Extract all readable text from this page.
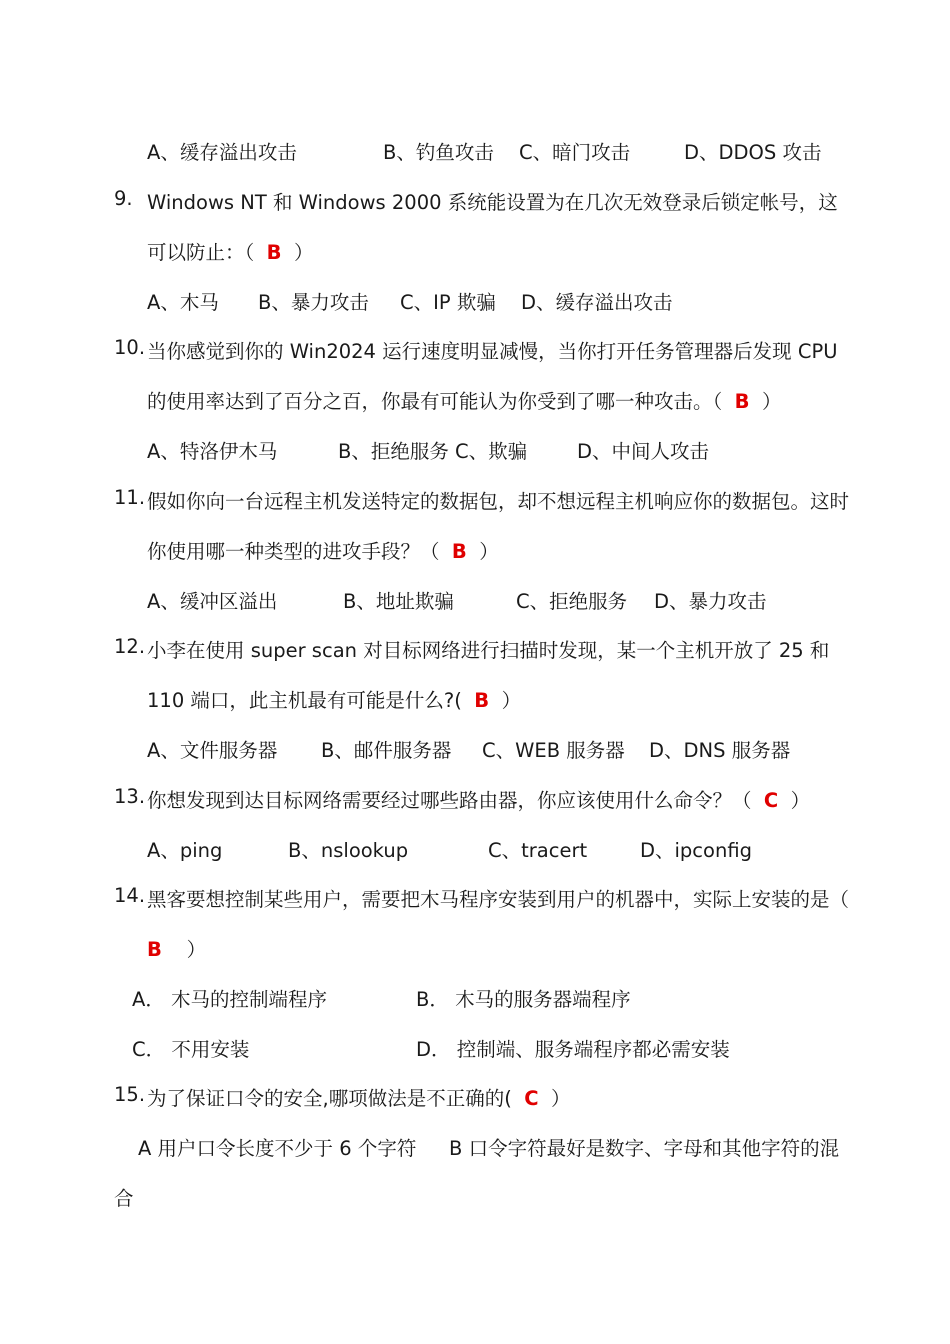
A、缓存溢出攻击	B、钓鱼攻击 C、暗门攻击	D、DDOS 攻击
9. Windows NT 和 Windows 2000 系统能设置为在几次无效登录后锁定帐号，这
可以防止：（ B ）
A、木马 B、暴力攻击 C、IP 欺骗 D、缓存溢出攻击
10. 当你感觉到你的 Win2024 运行速度明显减慢，当你打开任务管理器后发现 CPU
的使用率达到了百分之百，你最有可能认为你受到了哪一种攻击。（ B ）
A、特洛伊木马	B、拒绝服务 C、欺骗	D、中间人攻击
11. 假如你向一台远程主机发送特定的数据包，却不想远程主机响应你的数据包。这时
你使用哪一种类型的进攻手段？（ B ）
A、缓冲区溢出	B、地址欺骗	C、拒绝服务 D、暴力攻击
12. 小李在使用 super scan 对目标网络进行扫描时发现，某一个主机开放了 25 和
110 端口，此主机最有可能是什么?( B ）
A、文件服务器 B、邮件服务器 C、WEB 服务器 D、DNS 服务器
13. 你想发现到达目标网络需要经过哪些路由器，你应该使用什么命令？（ C ）
A、ping	B、nslookup	C、tracert	D、ipconfig
14. 黑客要想控制某些用户，需要把木马程序安装到用户的机器中，实际上安装的是（
B ）
A． 木马的控制端程序	B． 木马的服务器端程序
C． 不用安装	D． 控制端、服务端程序都必需安装
15. 为了保证口令的安全,哪项做法是不正确的( C ）
A 用户口令长度不少于 6 个字符 B 口令字符最好是数字、字母和其他字符的混
合
